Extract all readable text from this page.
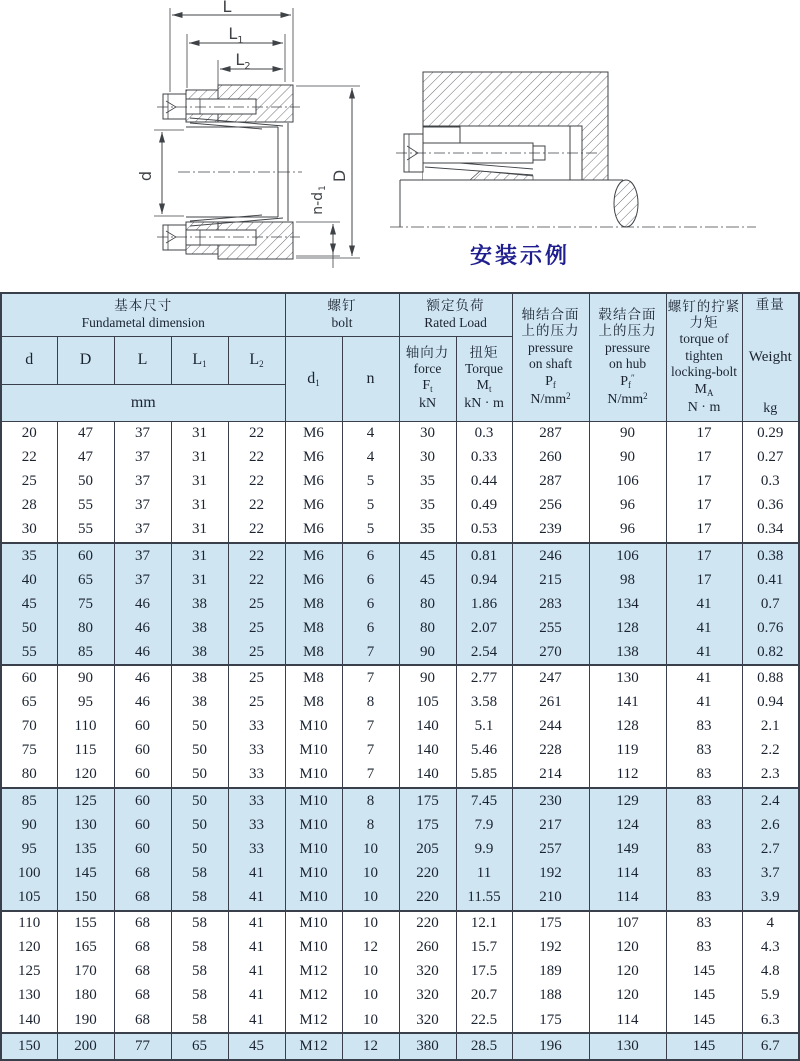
L
$L_1$
$L_2$
d	D
$n-d_1$
安装示例
基本尺寸
Fundametal dimension

螺钉
bolt

额定负荷
Rated Load

轴结合面
上的压力
pressure
on shaft
$P_f$
$N/mm^2$

毂结合面
上的压力
pressure
on hub
$P_f''$
$N/mm^2$

螺钉的拧紧
力矩
torque of
tighten
locking-bolt
$M_A$
N · m

重量
Weight
kg

d	D	L	$L_1$	$L_2$	$d_1$	n	
轴向力
force
$F_t$
kN

扭矩
Torque
$M_t$
kN · m

mm												
20	47	37	31	22	M6	4	30	0.3	287	90	17	0.29
22	47	37	31	22	M6	4	30	0.33	260	90	17	0.27
25	50	37	31	22	M6	5	35	0.44	287	106	17	0.3
28	55	37	31	22	M6	5	35	0.49	256	96	17	0.36
30	55	37	31	22	M6	5	35	0.53	239	96	17	0.34
35	60	37	31	22	M6	6	45	0.81	246	106	17	0.38
40	65	37	31	22	M6	6	45	0.94	215	98	17	0.41
45	75	46	38	25	M8	6	80	1.86	283	134	41	0.7
50	80	46	38	25	M8	6	80	2.07	255	128	41	0.76
55	85	46	38	25	M8	7	90	2.54	270	138	41	0.82
60	90	46	38	25	M8	7	90	2.77	247	130	41	0.88
65	95	46	38	25	M8	8	105	3.58	261	141	41	0.94
70	110	60	50	33	M10	7	140	5.1	244	128	83	2.1
75	115	60	50	33	M10	7	140	5.46	228	119	83	2.2
80	120	60	50	33	M10	7	140	5.85	214	112	83	2.3
85	125	60	50	33	M10	8	175	7.45	230	129	83	2.4
90	130	60	50	33	M10	8	175	7.9	217	124	83	2.6
95	135	60	50	33	M10	10	205	9.9	257	149	83	2.7
100	145	68	58	41	M10	10	220	11	192	114	83	3.7
105	150	68	58	41	M10	10	220	11.55	210	114	83	3.9
110	155	68	58	41	M10	10	220	12.1	175	107	83	4
120	165	68	58	41	M10	12	260	15.7	192	120	83	4.3
125	170	68	58	41	M12	10	320	17.5	189	120	145	4.8
130	180	68	58	41	M12	10	320	20.7	188	120	145	5.9
140	190	68	58	41	M12	10	320	22.5	175	114	145	6.3
150	200	77	65	45	M12	12	380	28.5	196	130	145	6.7
